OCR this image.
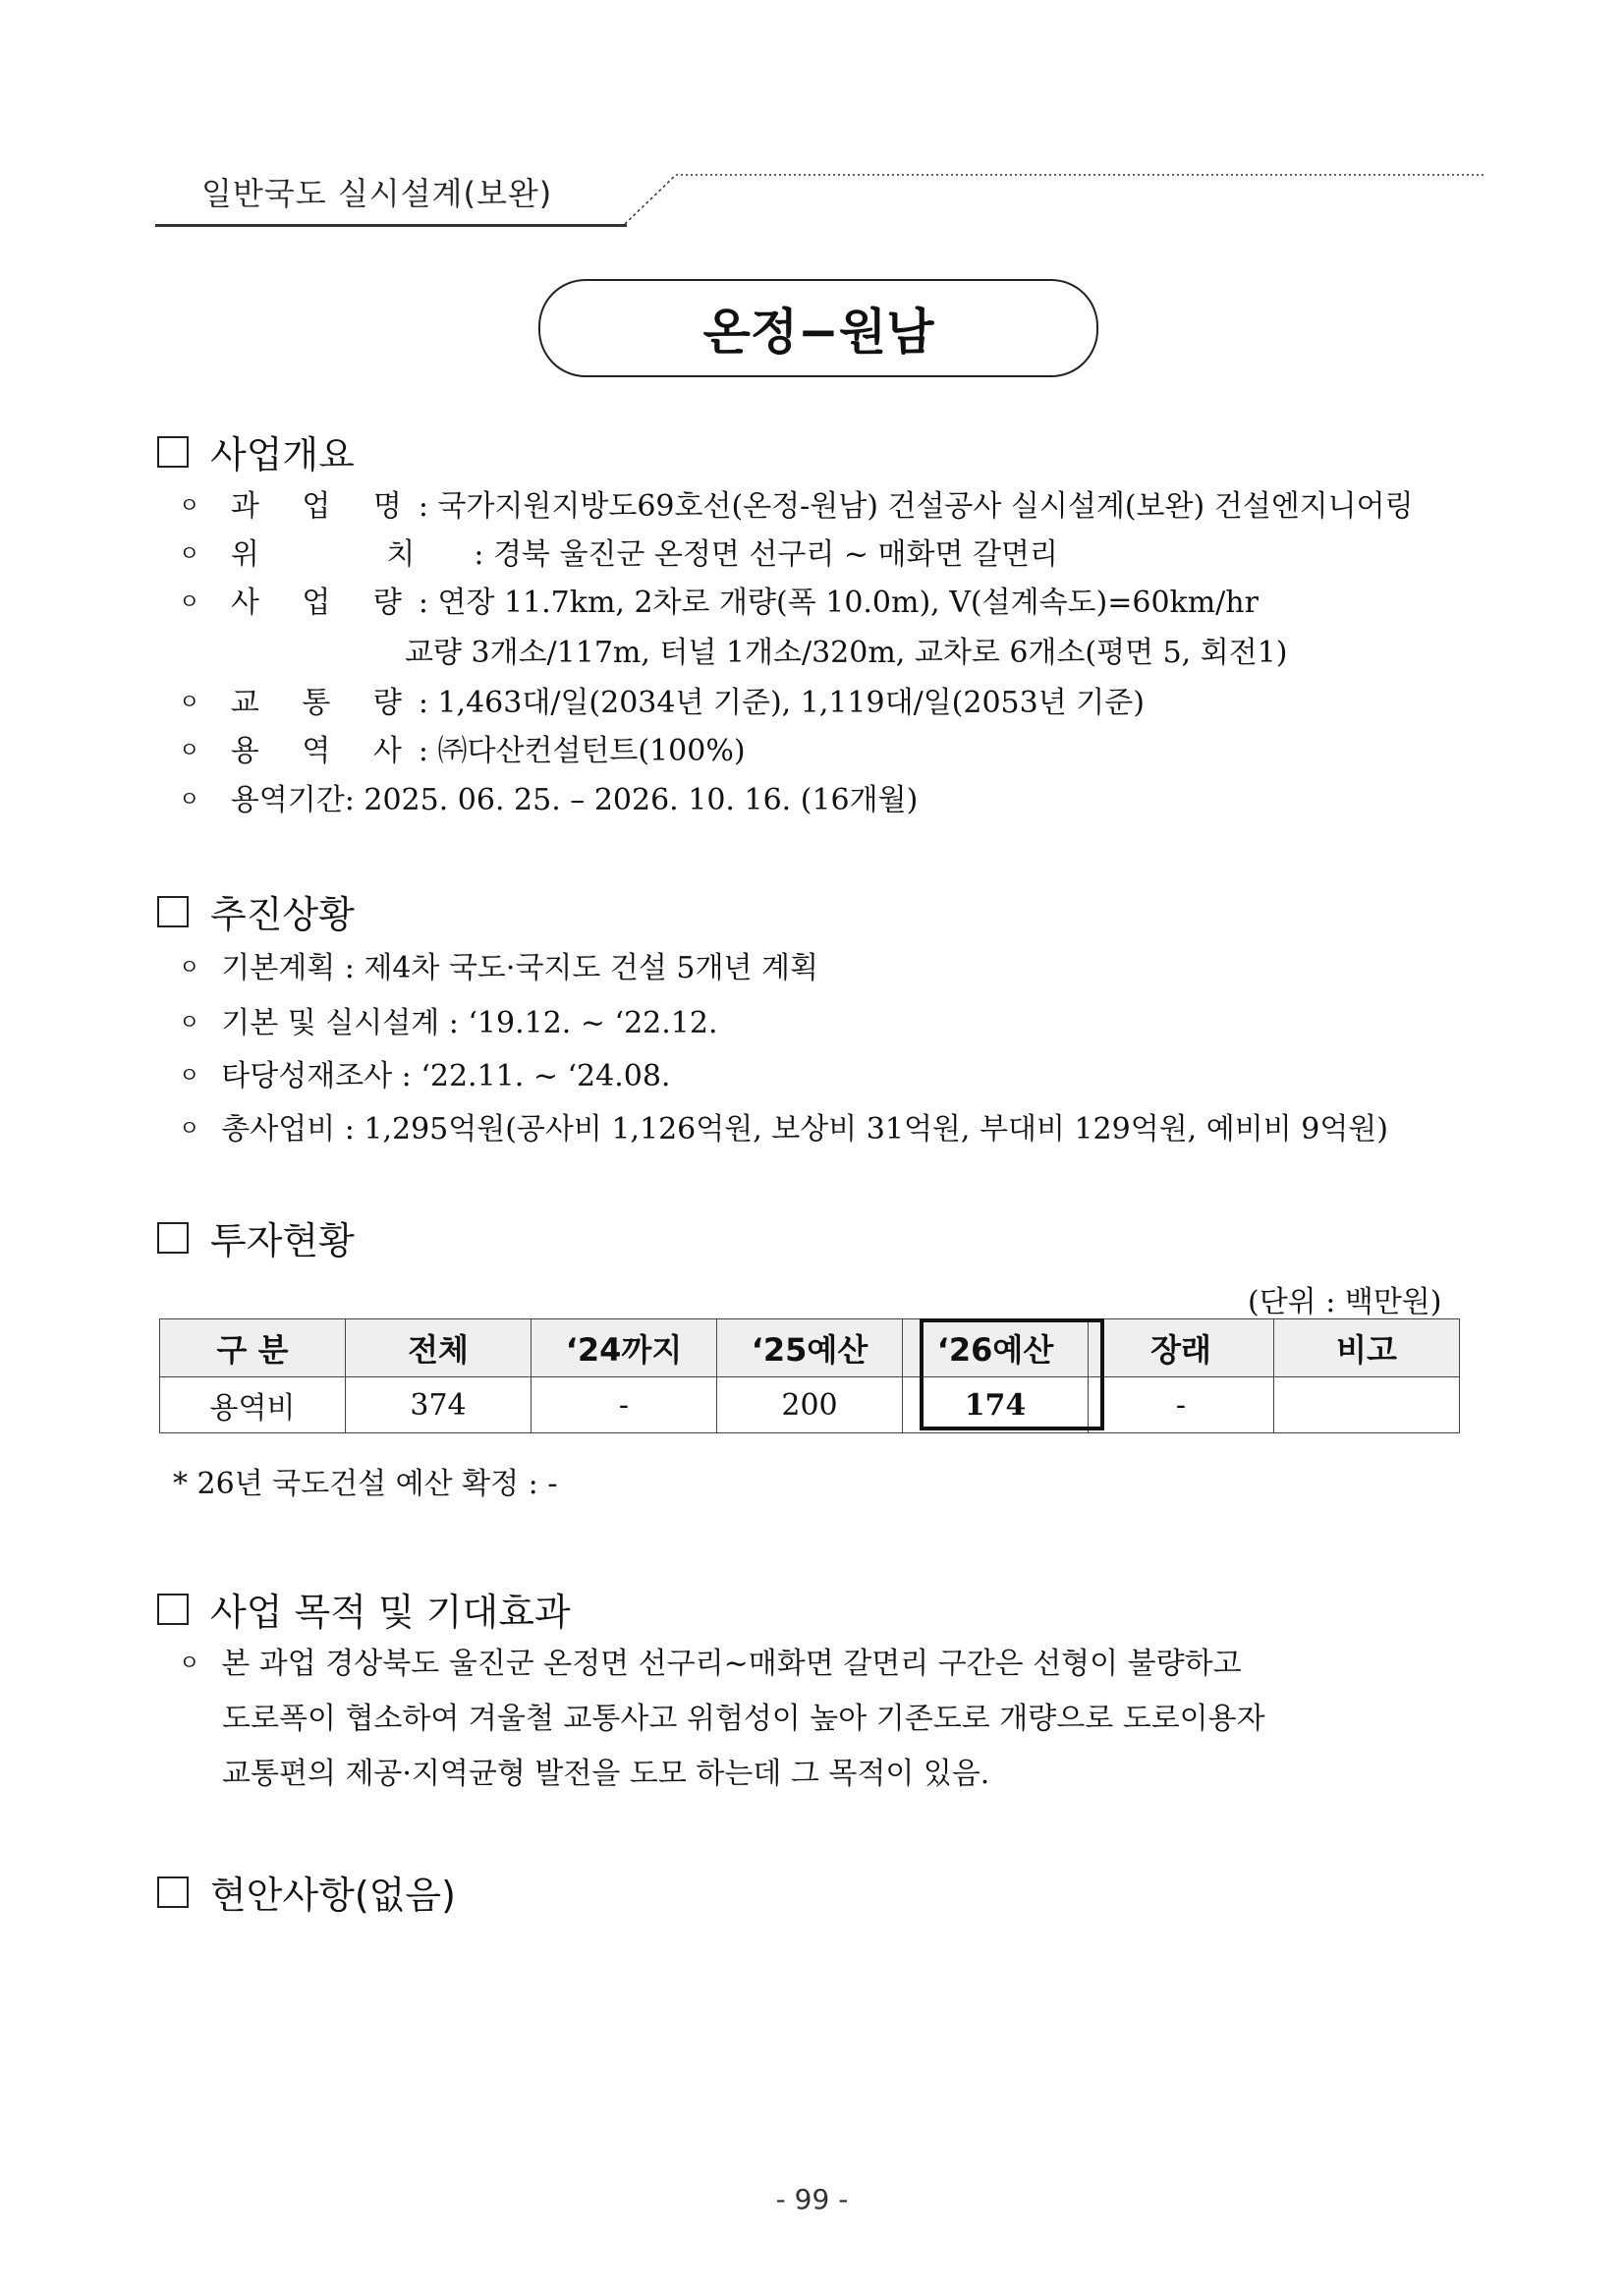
일반국도 실시설계(보완)
온정−원남
사업개요
ㅇ 과 업 명: 국가지원지방도69호선(온정-원남) 건설공사 실시설계(보완) 건설엔지니어링
ㅇ 위 치: 경북 울진군 온정면 선구리 ~ 매화면 갈면리
ㅇ 사 업 량: 연장 11.7km, 2차로 개량(폭 10.0m), V(설계속도)=60km/hr
교량 3개소/117m, 터널 1개소/320m, 교차로 6개소(평면 5, 회전1)
ㅇ 교 통 량: 1,463대/일(2034년 기준), 1,119대/일(2053년 기준)
ㅇ 용 역 사: ㈜다산컨설턴트(100%)
ㅇ 용역기간: 2025. 06. 25. – 2026. 10. 16. (16개월)
추진상황
ㅇ 기본계획 : 제4차 국도·국지도 건설 5개년 계획
ㅇ 기본 및 실시설계 : ‘19.12. ~ ‘22.12.
ㅇ 타당성재조사 : ‘22.11. ~ ‘24.08.
ㅇ 총사업비 : 1,295억원(공사비 1,126억원, 보상비 31억원, 부대비 129억원, 예비비 9억원)
투자현황
(단위 : 백만원)
구 분	전체	‘24까지	‘25예산	‘26예산	장래	비고
용역비	374	-	200	174	-	
* 26년 국도건설 예산 확정 : -
사업 목적 및 기대효과
ㅇ 본 과업 경상북도 울진군 온정면 선구리∼매화면 갈면리 구간은 선형이 불량하고
도로폭이 협소하여 겨울철 교통사고 위험성이 높아 기존도로 개량으로 도로이용자
교통편의 제공·지역균형 발전을 도모 하는데 그 목적이 있음.
현안사항(없음)
- 99 -
